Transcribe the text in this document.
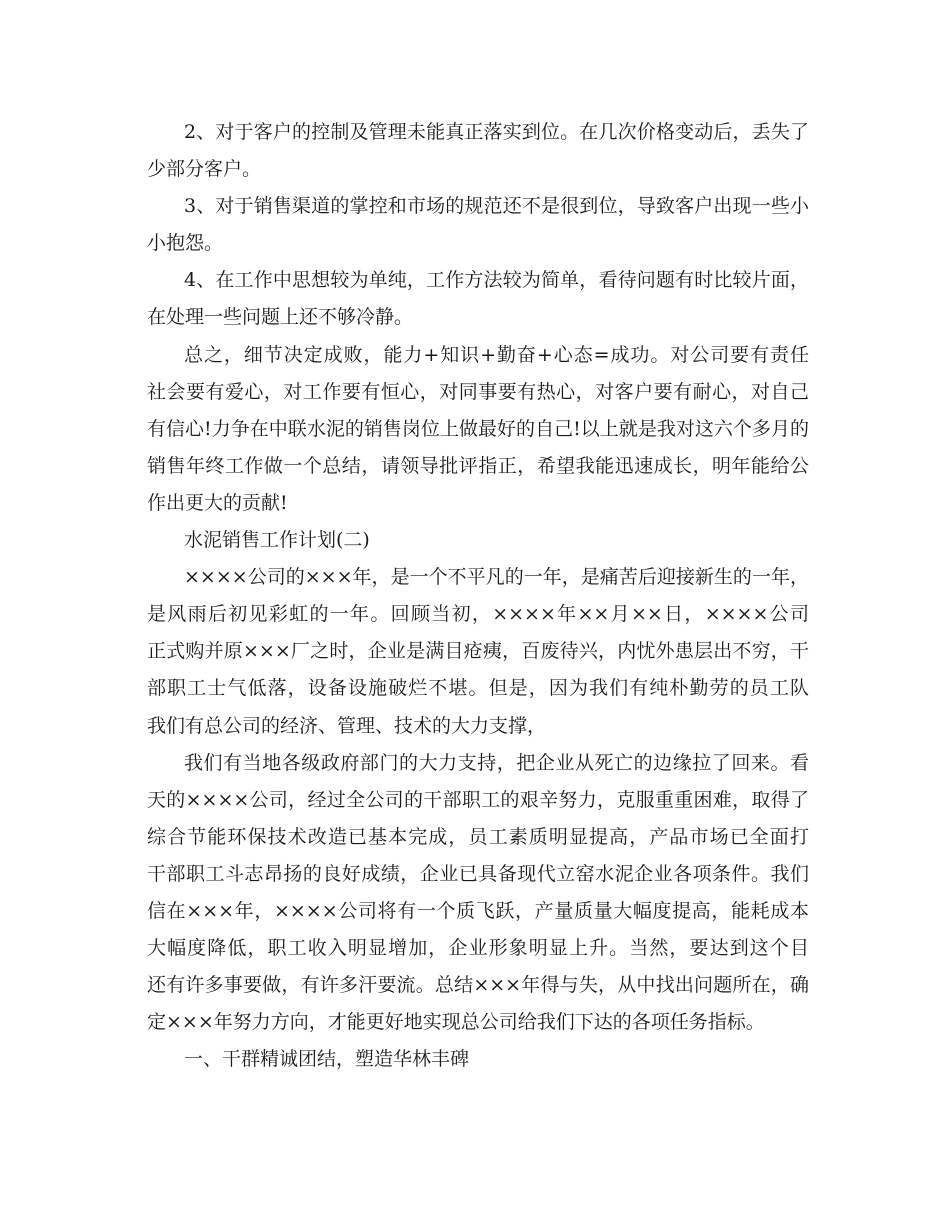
2、对于客户的控制及管理未能真正落实到位。在几次价格变动后，丢失了
少部分客户。
3、对于销售渠道的掌控和市场的规范还不是很到位，导致客户出现一些小
小抱怨。
4、在工作中思想较为单纯，工作方法较为简单，看待问题有时比较片面，
在处理一些问题上还不够冷静。
总之，细节决定成败，能力+知识+勤奋+心态=成功。对公司要有责任
社会要有爱心，对工作要有恒心，对同事要有热心，对客户要有耐心，对自己
有信心!力争在中联水泥的销售岗位上做最好的自己!以上就是我对这六个多月的
销售年终工作做一个总结，请领导批评指正，希望我能迅速成长，明年能给公
作出更大的贡献!
水泥销售工作计划(二)
××××公司的×××年，是一个不平凡的一年，是痛苦后迎接新生的一年，
是风雨后初见彩虹的一年。回顾当初，××××年××月××日，××××公司
正式购并原×××厂之时，企业是满目疮痍，百废待兴，内忧外患层出不穷，干
部职工士气低落，设备设施破烂不堪。但是，因为我们有纯朴勤劳的员工队
我们有总公司的经济、管理、技术的大力支撑，
我们有当地各级政府部门的大力支持，把企业从死亡的边缘拉了回来。看
天的××××公司，经过全公司的干部职工的艰辛努力，克服重重困难，取得了
综合节能环保技术改造已基本完成，员工素质明显提高，产品市场已全面打
干部职工斗志昂扬的良好成绩，企业已具备现代立窑水泥企业各项条件。我们
信在×××年，××××公司将有一个质飞跃，产量质量大幅度提高，能耗成本
大幅度降低，职工收入明显增加，企业形象明显上升。当然，要达到这个目
还有许多事要做，有许多汗要流。总结×××年得与失，从中找出问题所在，确
定×××年努力方向，才能更好地实现总公司给我们下达的各项任务指标。
一、干群精诚团结，塑造华林丰碑
